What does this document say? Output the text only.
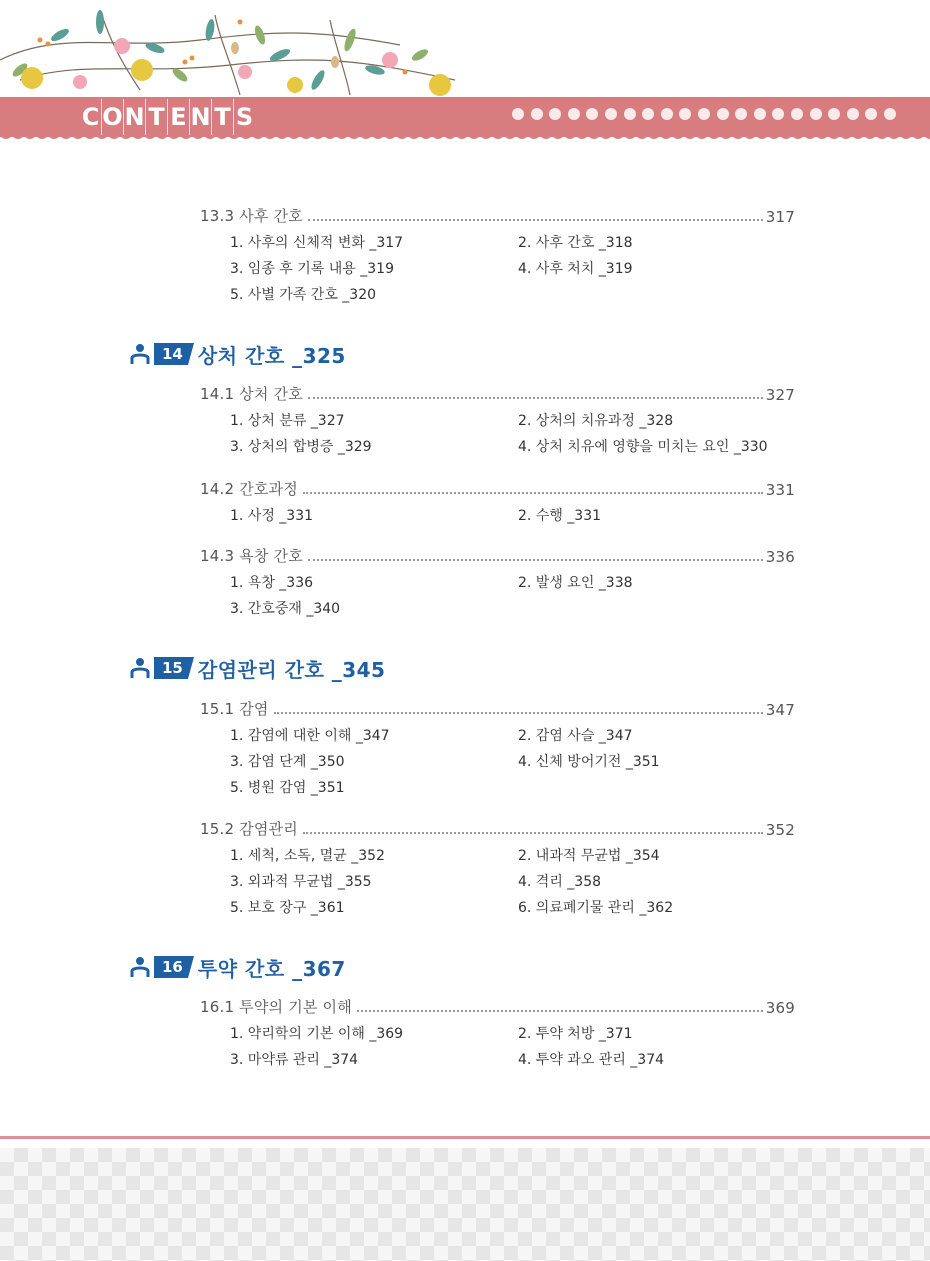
C O N T E N T S
13.3 사후 간호	317
1. 사후의 신체적 변화 _317	2. 사후 간호 _318
3. 임종 후 기록 내용 _319	4. 사후 처치 _319
5. 사별 가족 간호 _320
14 상처 간호 _325
14.1 상처 간호	327
1. 상처 분류 _327	2. 상처의 치유과정 _328
3. 상처의 합병증 _329	4. 상처 치유에 영향을 미치는 요인 _330
14.2 간호과정	331
1. 사정 _331	2. 수행 _331
14.3 욕창 간호	336
1. 욕창 _336	2. 발생 요인 _338
3. 간호중재 _340
15 감염관리 간호 _345
15.1 감염	347
1. 감염에 대한 이해 _347	2. 감염 사슬 _347
3. 감염 단계 _350	4. 신체 방어기전 _351
5. 병원 감염 _351
15.2 감염관리	352
1. 세척, 소독, 멸균 _352	2. 내과적 무균법 _354
3. 외과적 무균법 _355	4. 격리 _358
5. 보호 장구 _361	6. 의료폐기물 관리 _362
16 투약 간호 _367
16.1 투약의 기본 이해	369
1. 약리학의 기본 이해 _369	2. 투약 처방 _371
3. 마약류 관리 _374	4. 투약 과오 관리 _374
